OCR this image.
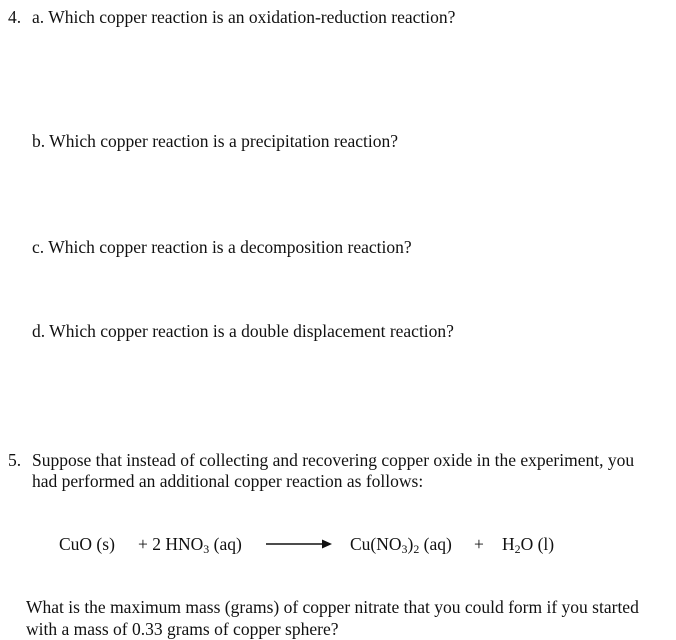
4. a. Which copper reaction is an oxidation-reduction reaction?
b. Which copper reaction is a precipitation reaction?
c. Which copper reaction is a decomposition reaction?
d. Which copper reaction is a double displacement reaction?
5. Suppose that instead of collecting and recovering copper oxide in the experiment, you
had performed an additional copper reaction as follows:
CuO (s) + 2 $HNO_3$ $(aq) \to Cu(NO_3)_2$ $(aq) + H_2O$ (l)
What is the maximum mass (grams) of copper nitrate that you could form if you started
with a mass of 0.33 grams of copper sphere?
